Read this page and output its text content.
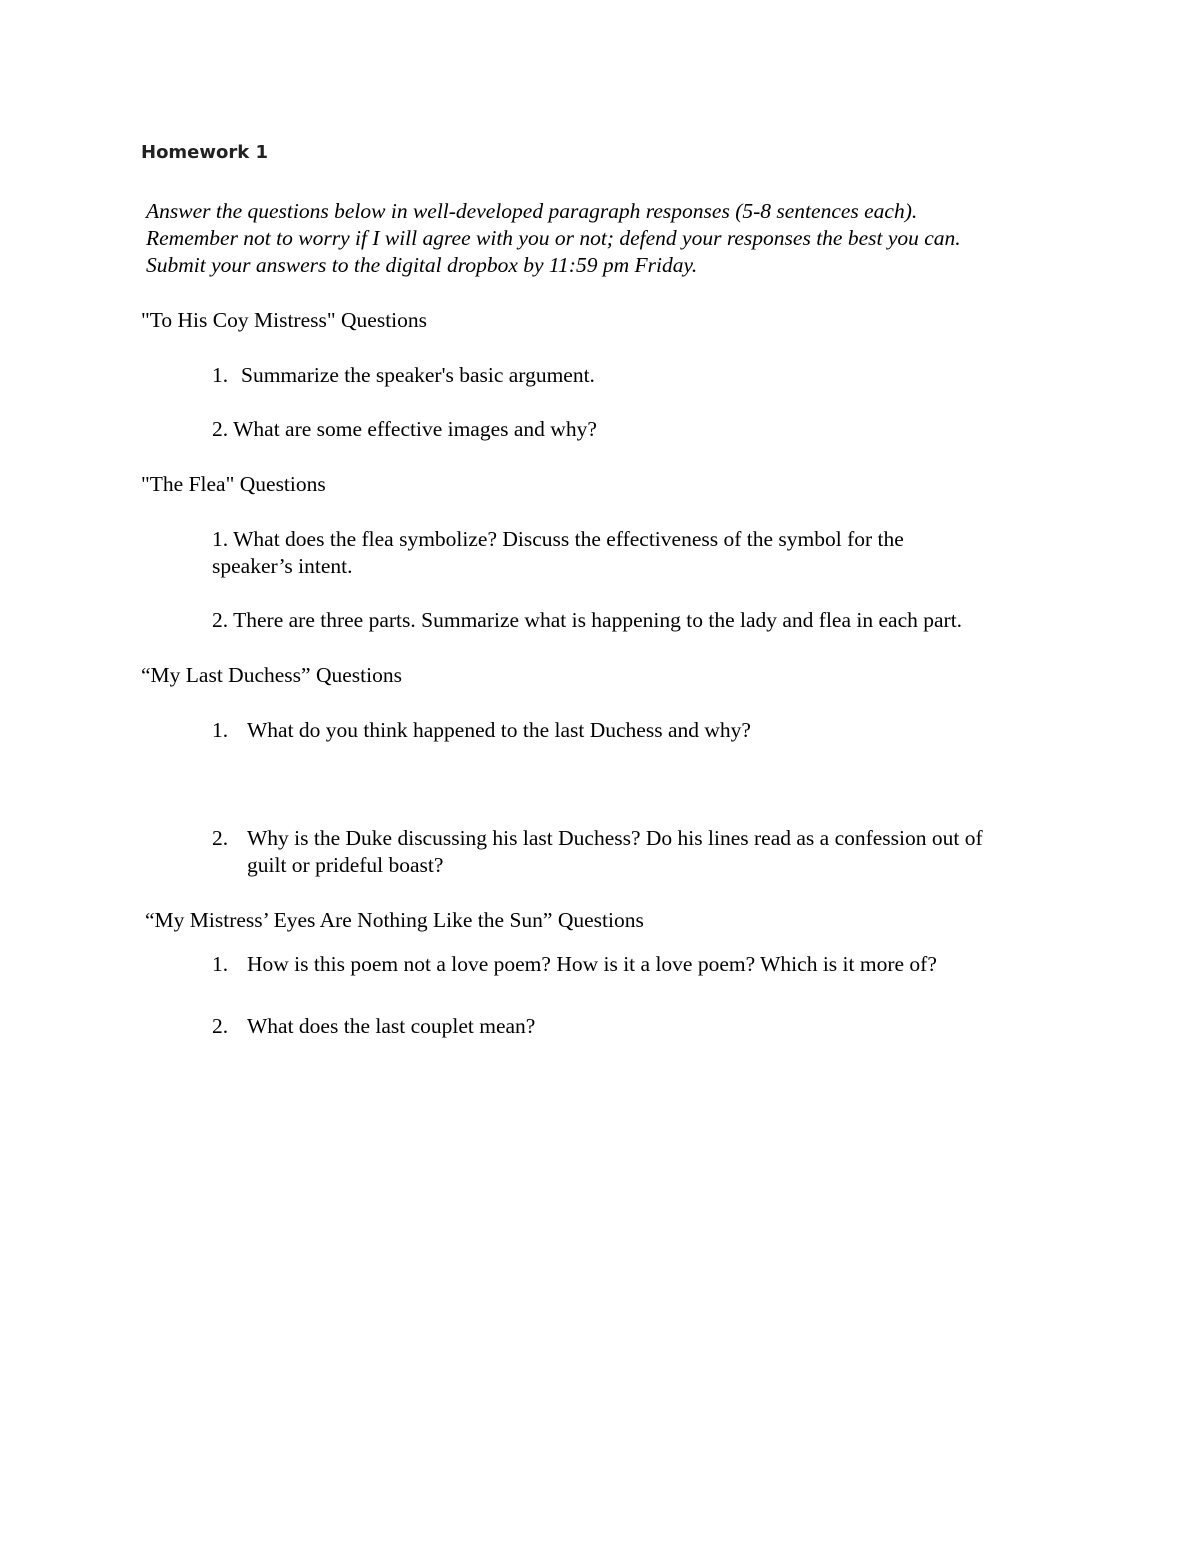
Homework 1
Answer the questions below in well-developed paragraph responses (5-8 sentences each).
Remember not to worry if I will agree with you or not; defend your responses the best you can.
Submit your answers to the digital dropbox by 11:59 pm Friday.
"To His Coy Mistress" Questions
1. Summarize the speaker's basic argument.
2. What are some effective images and why?
"The Flea" Questions
1. What does the flea symbolize? Discuss the effectiveness of the symbol for the
speaker’s intent.
2. There are three parts. Summarize what is happening to the lady and flea in each part.
“My Last Duchess” Questions
1. What do you think happened to the last Duchess and why?
2. Why is the Duke discussing his last Duchess? Do his lines read as a confession out of
guilt or prideful boast?
“My Mistress’ Eyes Are Nothing Like the Sun” Questions
1. How is this poem not a love poem? How is it a love poem? Which is it more of?
2. What does the last couplet mean?
